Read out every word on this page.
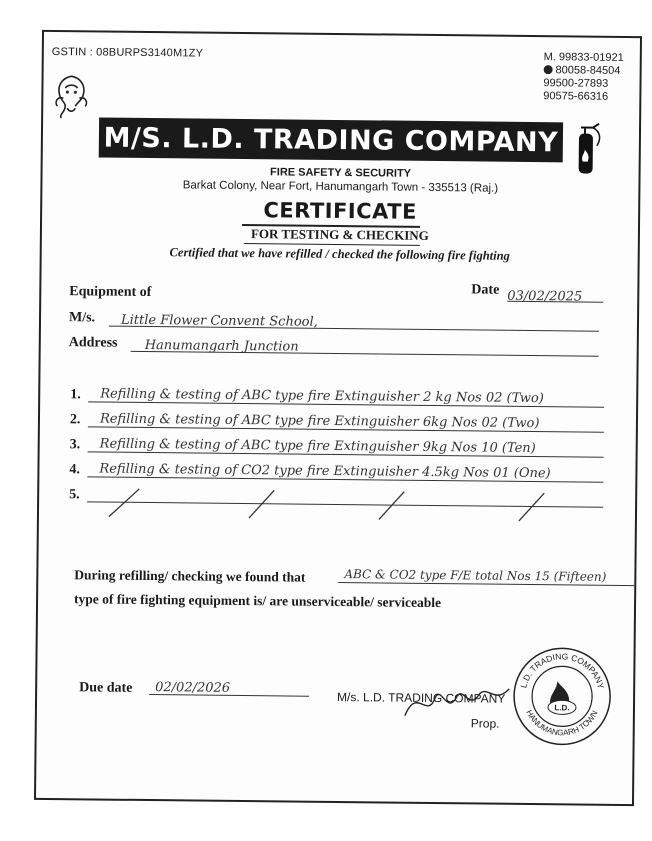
GSTIN : 08BURPS3140M1ZY	M. 99833-01921
80058-84504
99500-27893
90575-66316
M/S. L.D. TRADING COMPANY
FIRE SAFETY & SECURITY
Barkat Colony, Near Fort, Hanumangarh Town - 335513 (Raj.)
CERTIFICATE
FOR TESTING & CHECKING
Certified that we have refilled / checked the following fire fighting
Equipment of	Date 03/02/2025
M/s.	Little Flower Convent School,
Address	Hanumangarh Junction
1.	Refilling & testing of ABC type fire Extinguisher 2 kg Nos 02 (Two)
2.	Refilling & testing of ABC type fire Extinguisher 6kg Nos 02 (Two)
3.	Refilling & testing of ABC type fire Extinguisher 9kg Nos 10 (Ten)
4.	Refilling & testing of CO2 type fire Extinguisher 4.5kg Nos 01 (One)
5.
During refilling/ checking we found that	ABC & CO2 type F/E total Nos 15 (Fifteen)
type of fire fighting equipment is/ are unserviceable/ serviceable
Due date	02/02/2026
M/s. L.D. TRADING COMPANY
Prop.
L.D. TRADING COMPANY
HANUMANGARH TOWN
L.D.
